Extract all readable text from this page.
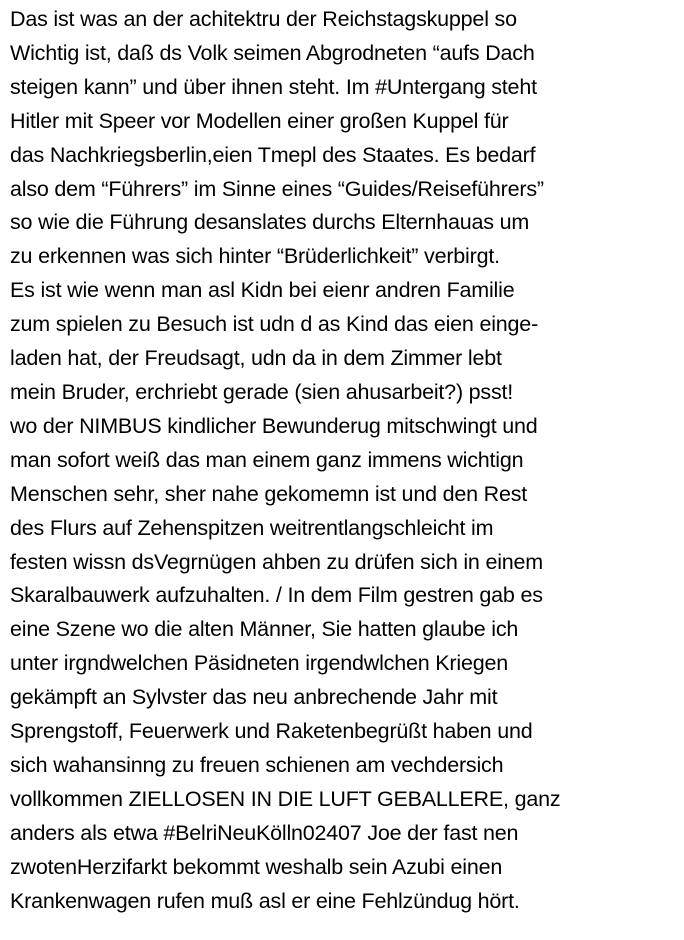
Das ist was an der achitektru der Reichstagskuppel so
Wichtig ist, daß ds Volk seimen Abgrodneten “aufs Dach
steigen kann” und über ihnen steht. Im #Untergang steht
Hitler mit Speer vor Modellen einer großen Kuppel für
das Nachkriegsberlin,eien Tmepl des Staates. Es bedarf
also dem “Führers” im Sinne eines “Guides/Reiseführers”
so wie die Führung desanslates durchs Elternhauas um
zu erkennen was sich hinter “Brüderlichkeit” verbirgt.
Es ist wie wenn man asl Kidn bei eienr andren Familie
zum spielen zu Besuch ist udn d as Kind das eien einge-
laden hat, der Freudsagt, udn da in dem Zimmer lebt
mein Bruder, erchriebt gerade (sien ahusarbeit?) psst!
wo der NIMBUS kindlicher Bewunderug mitschwingt und
man sofort weiß das man einem ganz immens wichtign
Menschen sehr, sher nahe gekomemn ist und den Rest
des Flurs auf Zehenspitzen weitrentlangschleicht im
festen wissn dsVegrnügen ahben zu drüfen sich in einem
Skaralbauwerk aufzuhalten. / In dem Film gestren gab es
eine Szene wo die alten Männer, Sie hatten glaube ich
unter irgndwelchen Päsidneten irgendwlchen Kriegen
gekämpft an Sylvster das neu anbrechende Jahr mit
Sprengstoff, Feuerwerk und Raketenbegrüßt haben und
sich wahansinng zu freuen schienen am vechdersich
vollkommen ZIELLOSEN IN DIE LUFT GEBALLERE, ganz
anders als etwa #BelriNeuKölln02407 Joe der fast nen
zwotenHerzifarkt bekommt weshalb sein Azubi einen
Krankenwagen rufen muß asl er eine Fehlzündug hört.
